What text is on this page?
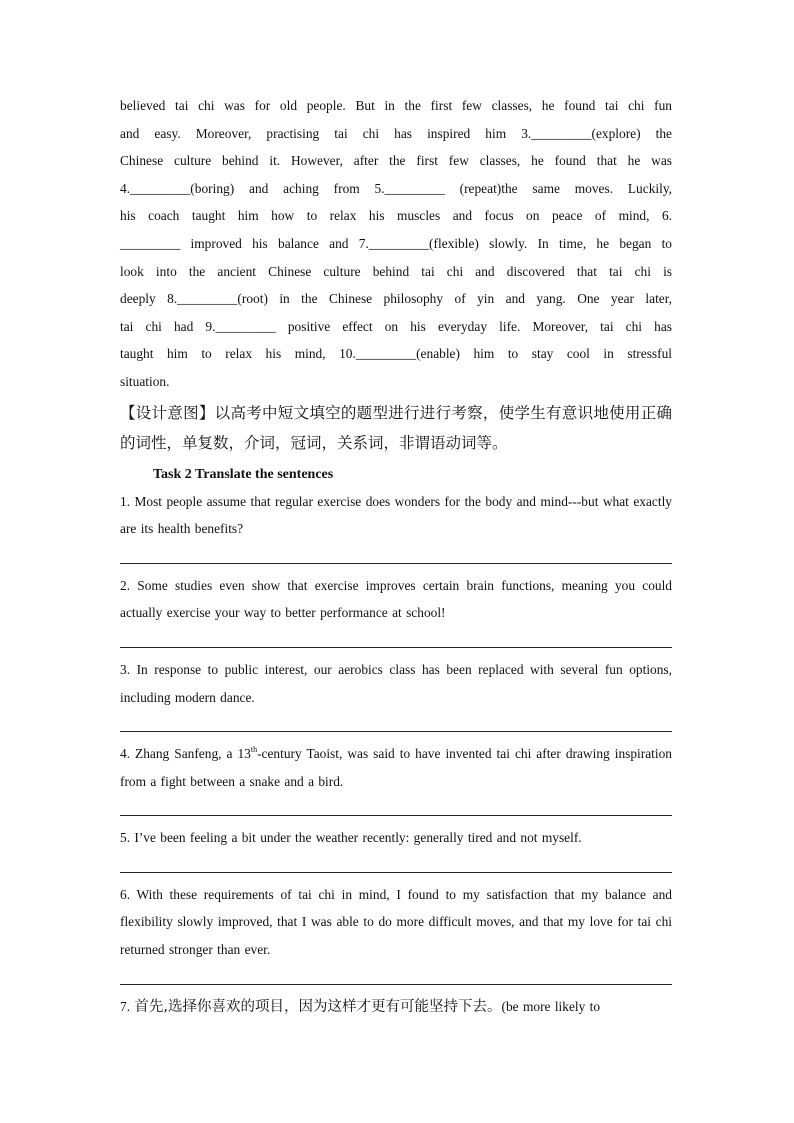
believed tai chi was for old people. But in the first few classes, he found tai chi fun

and easy. Moreover, practising tai chi has inspired him 3._________(explore) the

Chinese culture behind it. However, after the first few classes, he found that he was

4._________(boring) and aching from 5._________ (repeat)the same moves. Luckily,

his coach taught him how to relax his muscles and focus on peace of mind, 6.

_________ improved his balance and 7._________(flexible) slowly. In time, he began to

look into the ancient Chinese culture behind tai chi and discovered that tai chi is

deeply 8._________(root) in the Chinese philosophy of yin and yang. One year later,

tai chi had 9._________ positive effect on his everyday life. Moreover, tai chi has

taught him to relax his mind, 10._________(enable) him to stay cool in stressful

situation.

【设计意图】以高考中短文填空的题型进行进行考察，使学生有意识地使用正确的词性，单复数，介词，冠词，关系词，非谓语动词等。

Task 2 Translate the sentences

1. Most people assume that regular exercise does wonders for the body and mind---but what exactly are its health benefits?

2. Some studies even show that exercise improves certain brain functions, meaning you could actually exercise your way to better performance at school!

3. In response to public interest, our aerobics class has been replaced with several fun options, including modern dance.

4. Zhang Sanfeng, a 13th-century Taoist, was said to have invented tai chi after drawing inspiration from a fight between a snake and a bird.

5. I’ve been feeling a bit under the weather recently: generally tired and not myself.

6. With these requirements of tai chi in mind, I found to my satisfaction that my balance and flexibility slowly improved, that I was able to do more difficult moves, and that my love for tai chi returned stronger than ever.

7. 首先,选择你喜欢的项目，因为这样才更有可能坚持下去。(be more likely to
